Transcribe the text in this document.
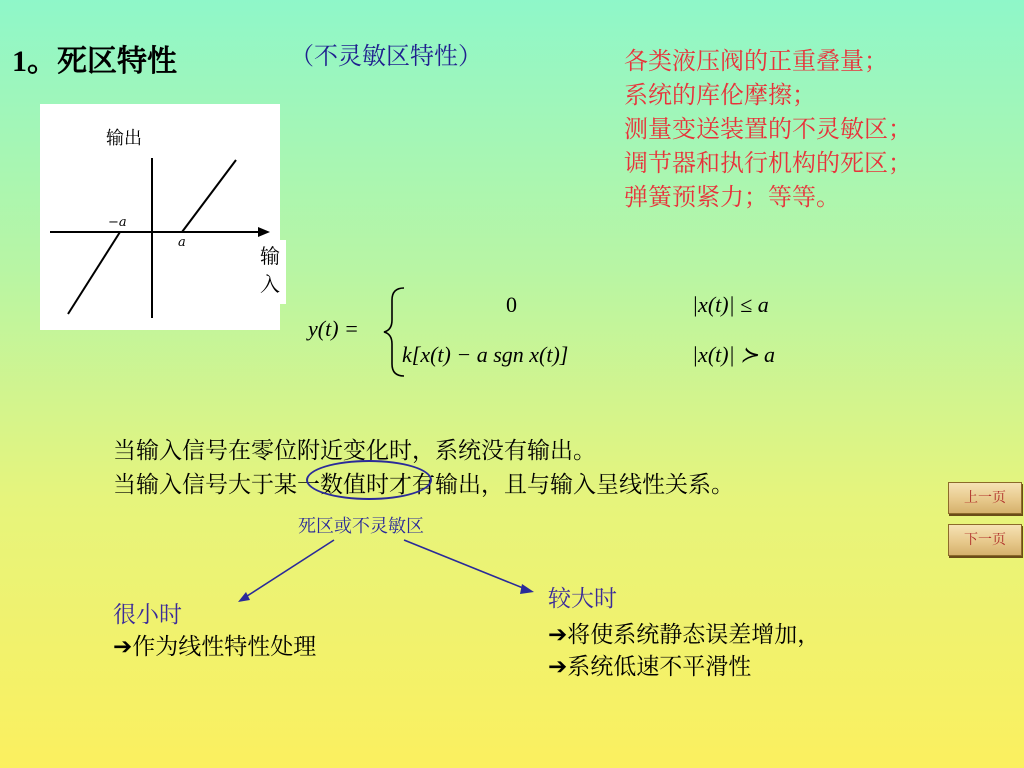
1。死区特性	（不灵敏区特性）	各类液压阀的正重叠量；
系统的库伦摩擦；
测量变送装置的不灵敏区；
调节器和执行机构的死区；
弹簧预紧力；等等。
−a
a
输出
输入
y(t) =
0	|x(t)| ≤ a
k[x(t) − a sgn x(t)]	|x(t)| ≻ a
当输入信号在零位附近变化时，系统没有输出。
当输入信号大于某一数值时才有输出，且与输入呈线性关系。
死区或不灵敏区
很小时
➔作为线性特性处理
较大时
➔将使系统静态误差增加，
➔系统低速不平滑性
上一页
下一页
